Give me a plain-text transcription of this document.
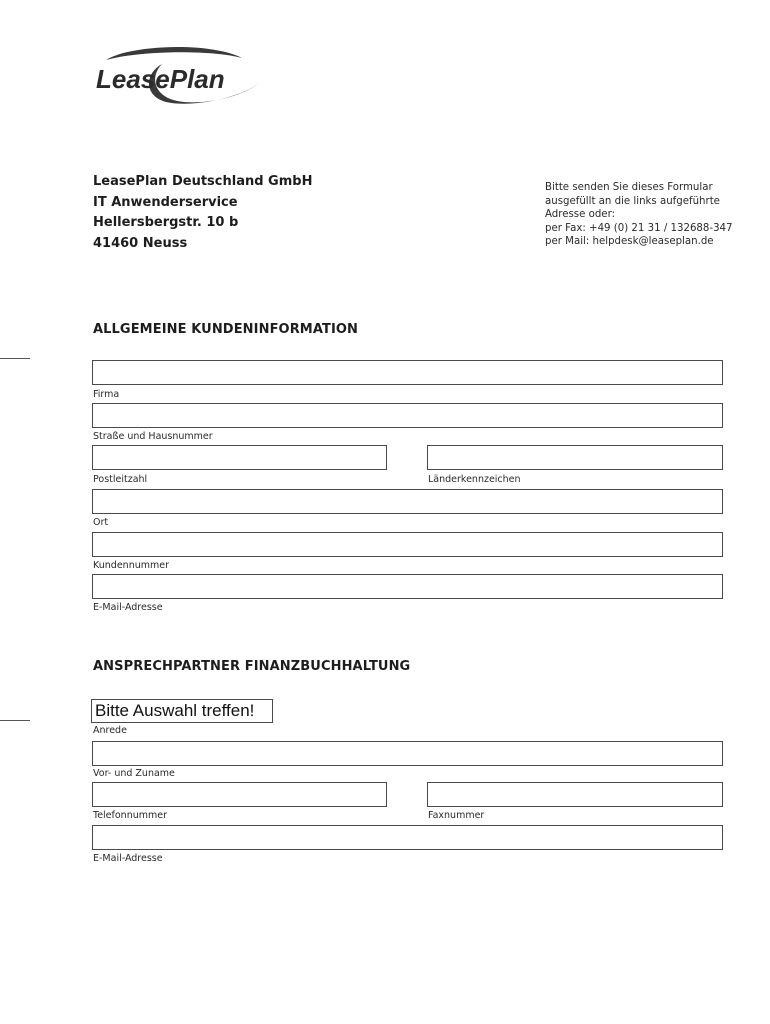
LeasePlan
LeasePlan Deutschland GmbH
IT Anwenderservice
Hellersbergstr. 10 b
41460 Neuss
Bitte senden Sie dieses Formular
ausgefüllt an die links aufgeführte
Adresse oder:
per Fax: +49 (0) 21 31 / 132688-347
per Mail: helpdesk@leaseplan.de
ALLGEMEINE KUNDENINFORMATION
Firma
Straße und Hausnummer
Postleitzahl	Länderkennzeichen
Ort
Kundennummer
E-Mail-Adresse
ANSPRECHPARTNER FINANZBUCHHALTUNG
Bitte Auswahl treffen!
Anrede
Vor- und Zuname
Telefonnummer	Faxnummer
E-Mail-Adresse
